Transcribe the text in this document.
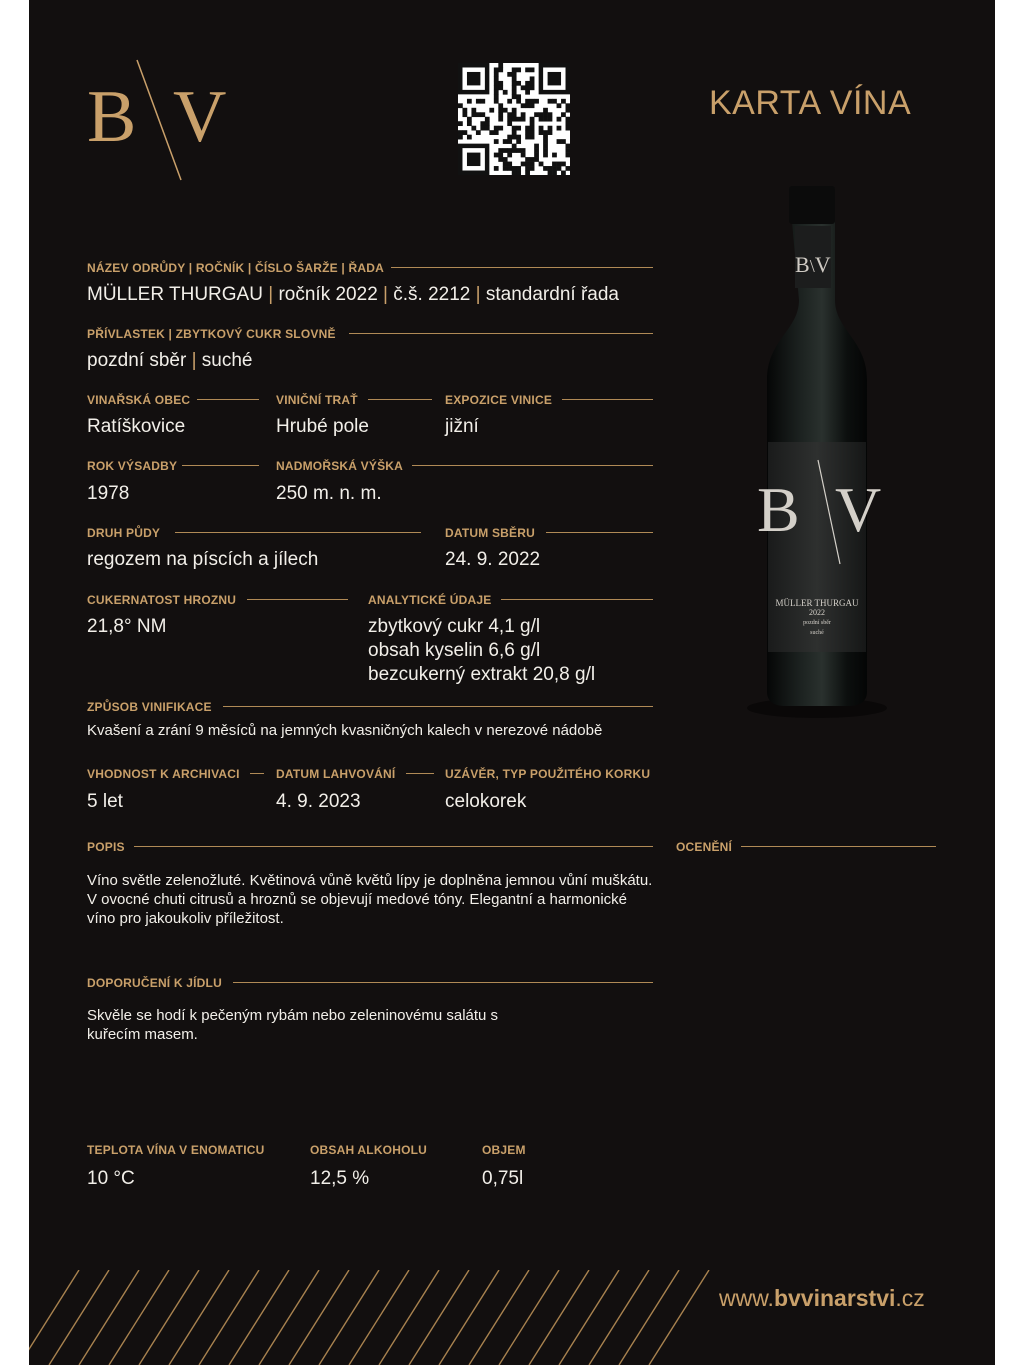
B V	KARTA VÍNA
NÁZEV ODRŮDY | ROČNÍK | ČÍSLO ŠARŽE | ŘADA
MÜLLER THURGAU | ročník 2022 | č.š. 2212 | standardní řada
PŘÍVLASTEK | ZBYTKOVÝ CUKR SLOVNĚ
pozdní sběr | suché
VINAŘSKÁ OBEC
Ratíškovice
VINIČNÍ TRAŤ
Hrubé pole
EXPOZICE VINICE
jižní
ROK VÝSADBY
1978
NADMOŘSKÁ VÝŠKA
250 m. n. m.
DRUH PŮDY
regozem na píscích a jílech
DATUM SBĚRU
24. 9. 2022
CUKERNATOST HROZNU
21,8° NM
ANALYTICKÉ ÚDAJE
zbytkový cukr 4,1 g/l
obsah kyselin 6,6 g/l
bezcukerný extrakt 20,8 g/l
ZPŮSOB VINIFIKACE
Kvašení a zrání 9 měsíců na jemných kvasničných kalech v nerezové nádobě
VHODNOST K ARCHIVACI
5 let
DATUM LAHVOVÁNÍ
4. 9. 2023
UZÁVĚR, TYP POUŽITÉHO KORKU
celokorek
POPIS
Víno světle zelenožluté. Květinová vůně květů lípy je doplněna jemnou vůní muškátu. V ovocné chuti citrusů a hroznů se objevují medové tóny. Elegantní a harmonické víno pro jakoukoliv příležitost.
OCENĚNÍ
DOPORUČENÍ K JÍDLU
Skvěle se hodí k pečeným rybám nebo zeleninovému salátu s kuřecím masem.
TEPLOTA VÍNA V ENOMATICU
10 °C
OBSAH ALKOHOLU
12,5 %
OBJEM
0,75l
B\V
B V
MÜLLER THURGAU
2022
pozdní sběr
suché
www.bvvinarstvi.cz
